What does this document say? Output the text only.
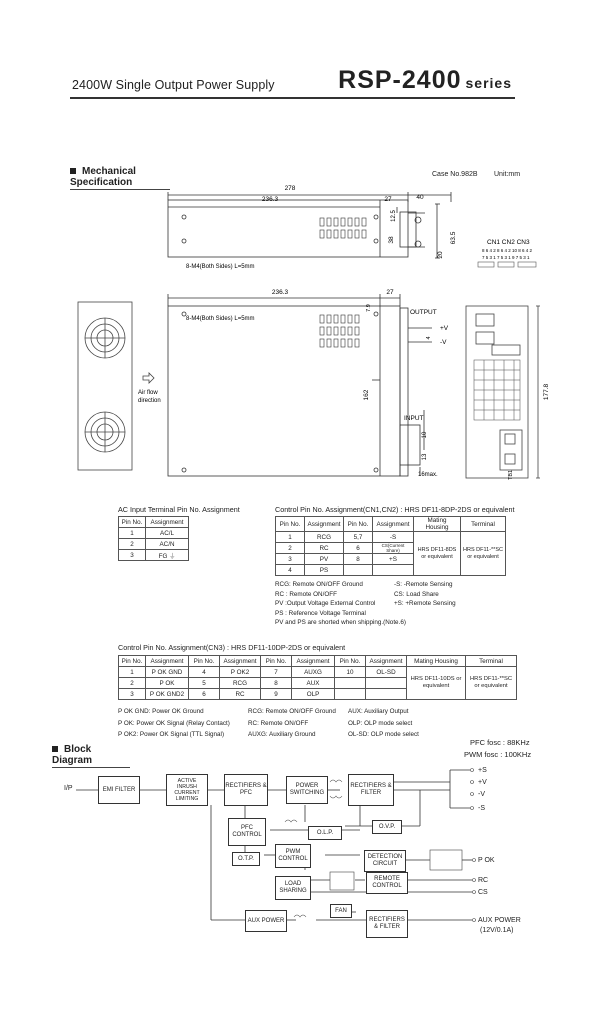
2400W Single Output Power Supply	RSP-2400 series
Mechanical Specification
Case No.982B Unit:mm
278
236.3	27	40
12.5
38	63.5
20
8-M4(Both Sides) L=5mm
236.3	27
7.9
8-M4(Both Sides) L=5mm
162
OUTPUT
+V
-V
4
INPUT
10
13
16max.
Air flow direction
177.8
CN1 CN2 CN3
8 6 4 2 8 6 4 2 10 8 6 4 2
7 5 3 1 7 5 3 1 9 7 5 3 1
TB1
AC Input Terminal Pin No. Assignment
Pin No.	Assignment
1	AC/L
2	AC/N
3	FG ⏚
Control Pin No. Assignment(CN1,CN2) : HRS DF11-8DP-2DS or equivalent
Pin No.	Assignment	Pin No.	Assignment	Mating Housing	Terminal
1	RCG	5,7	-S	HRS DF11-8DS or equivalent	HRS DF11-**SC or equivalent
2	RC	6	CS(Current Share)		
3	PV	8	+S		
4	PS				
RCG: Remote ON/OFF Ground
RC : Remote ON/OFF
PV :Output Voltage External Control
PS : Reference Voltage Terminal
PV and PS are shorted when shipping.(Note.6)
-S: -Remote Sensing
CS: Load Share
+S: +Remote Sensing
Control Pin No. Assignment(CN3) : HRS DF11-10DP-2DS or equivalent
Pin No.	Assignment	Pin No.	Assignment	Pin No.	Assignment	Pin No.	Assignment	Mating Housing	Terminal
1	P OK GND	4	P OK2	7	AUXG	10	OL-SD	HRS DF11-10DS or equivalent	HRS DF11-**SC or equivalent
2	P OK	5	RCG	8	AUX				
3	P OK GND2	6	RC	9	OLP				
P OK GND: Power OK Ground
P OK: Power OK Signal (Relay Contact)
P OK2: Power OK Signal (TTL Signal)
RCG: Remote ON/OFF Ground
RC: Remote ON/OFF
AUXG: Auxiliary Ground
AUX: Auxiliary Output
OLP: OLP mode select
OL-SD: OLP mode select
Block Diagram
PFC fosc : 88KHz
PWM fosc : 100KHz
I/P	EMI FILTER
ACTIVE INRUSH CURRENT LIMITING
RECTIFIERS & PFC
POWER SWITCHING
RECTIFIERS & FILTER
+S
+V
-V
-S
PFC CONTROL	O.L.P.
O.V.P.
O.T.P.
PWM CONTROL	DETECTION CIRCUIT
LOAD SHARING
REMOTE CONTROL
AUX POWER
FAN
RECTIFIERS & FILTER
P OK
RC
CS
AUX POWER
(12V/0.1A)
